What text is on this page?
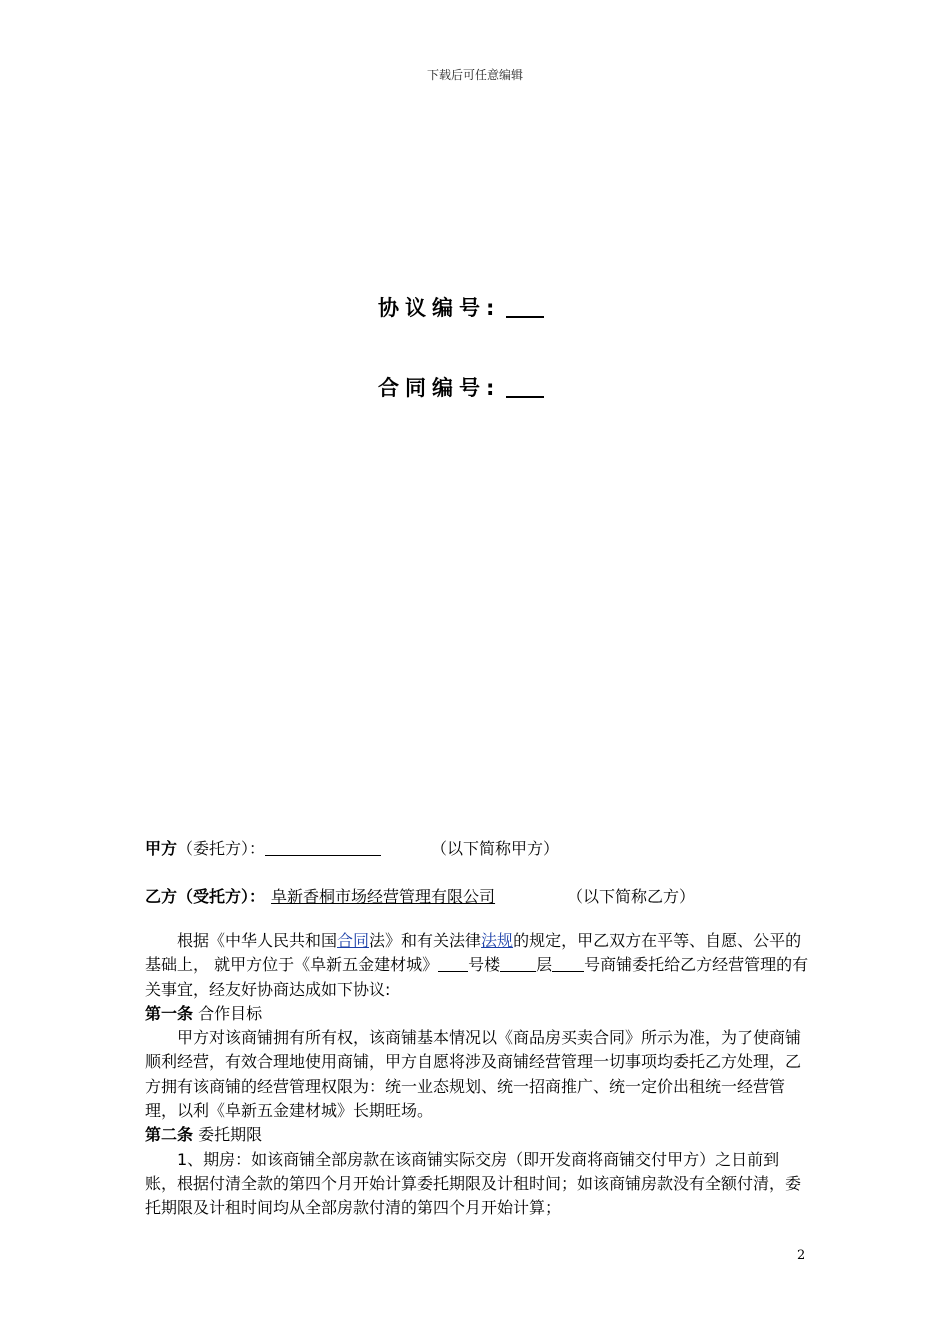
下载后可任意编辑
协议编号:
合同编号:
甲方（委托方）：	（以下简称甲方）
乙方（受托方）： 阜新香桐市场经营管理有限公司	（以下简称乙方）

根据《中华人民共和国合同法》和有关法律法规的规定，甲乙双方在平等、自愿、公平的基础上， 就甲方位于《阜新五金建材城》 号楼 层 号商铺委托给乙方经营管理的有关事宜，经友好协商达成如下协议:

第一条 合作目标

甲方对该商铺拥有所有权，该商铺基本情况以《商品房买卖合同》所示为准，为了使商铺顺利经营，有效合理地使用商铺，甲方自愿将涉及商铺经营管理一切事项均委托乙方处理，乙方拥有该商铺的经营管理权限为：统一业态规划、统一招商推广、统一定价出租统一经营管理，以利《阜新五金建材城》长期旺场。

第二条 委托期限

1、期房：如该商铺全部房款在该商铺实际交房（即开发商将商铺交付甲方）之日前到账，根据付清全款的第四个月开始计算委托期限及计租时间；如该商铺房款没有全额付清，委托期限及计租时间均从全部房款付清的第四个月开始计算；

2
